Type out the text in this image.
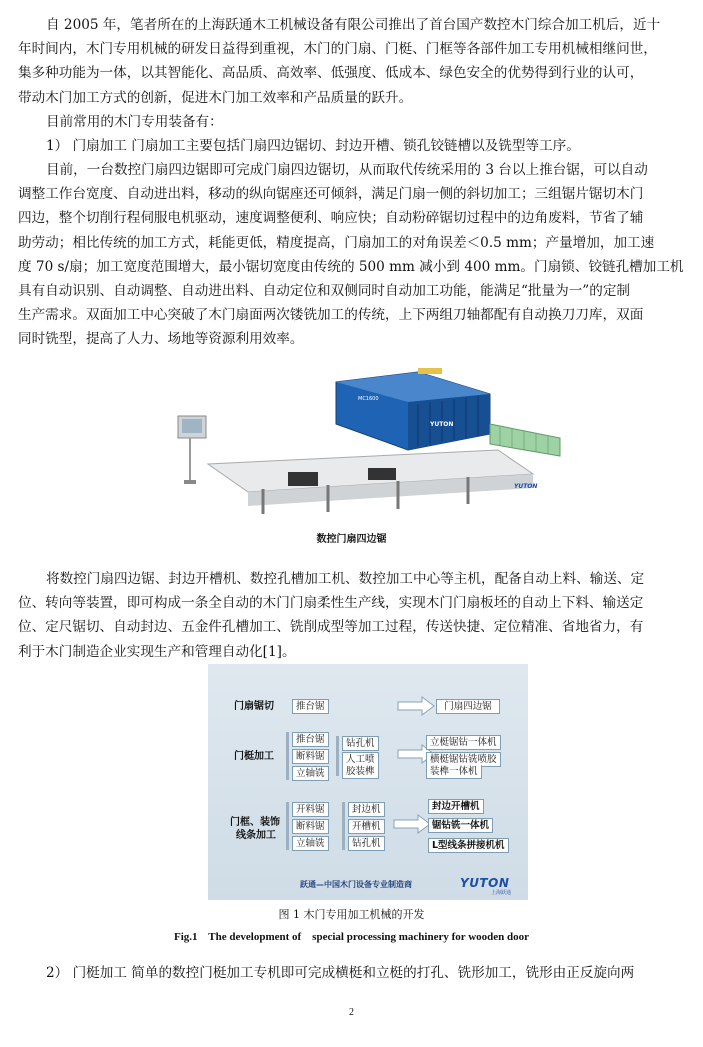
自 2005 年，笔者所在的上海跃通木工机械设备有限公司推出了首台国产数控木门综合加工机后，近十
年时间内，木门专用机械的研发日益得到重视，木门的门扇、门梃、门框等各部件加工专用机械相继问世，
集多种功能为一体，以其智能化、高品质、高效率、低强度、低成本、绿色安全的优势得到行业的认可，
带动木门加工方式的创新，促进木门加工效率和产品质量的跃升。
目前常用的木门专用装备有：
1） 门扇加工 门扇加工主要包括门扇四边锯切、封边开槽、锁孔铰链槽以及铣型等工序。
目前，一台数控门扇四边锯即可完成门扇四边锯切，从而取代传统采用的 3 台以上推台锯，可以自动
调整工作台宽度、自动进出料，移动的纵向锯座还可倾斜，满足门扇一侧的斜切加工；三组锯片锯切木门
四边，整个切削行程伺服电机驱动，速度调整便利、响应快；自动粉碎锯切过程中的边角废料，节省了辅
助劳动；相比传统的加工方式，耗能更低，精度提高，门扇加工的对角误差＜0.5 mm；产量增加，加工速
度 70 s/扇；加工宽度范围增大，最小锯切宽度由传统的 500 mm 减小到 400 mm。门扇锁、铰链孔槽加工机
具有自动识别、自动调整、自动进出料、自动定位和双侧同时自动加工功能，能满足“批量为一”的定制
生产需求。双面加工中心突破了木门扇面两次镂铣加工的传统，上下两组刀轴都配有自动换刀刀库，双面
同时铣型，提高了人力、场地等资源利用效率。
MC1600
YUTON
YUTON
数控门扇四边锯
将数控门扇四边锯、封边开槽机、数控孔槽加工机、数控加工中心等主机，配备自动上料、输送、定
位、转向等装置，即可构成一条全自动的木门门扇柔性生产线，实现木门门扇板坯的自动上下料、输送定
位、定尺锯切、自动封边、五金件孔槽加工、铣削成型等加工过程，传送快捷、定位精准、省地省力，有
利于木门制造企业实现生产和管理自动化[1]。
门扇锯切	推台锯	门扇四边锯
门梃加工
推台锯
断料锯
立轴铣
钻孔机
人工喷
胶装榫
立梃锯钻一体机
横梃锯钻铣喷胶
装榫一体机
门框、装饰
线条加工
开料锯
断料锯
立轴铣
封边机
开槽机
钻孔机
封边开槽机
锯钻铣一体机
L型线条拼接机机
跃通—中国木门设备专业制造商	YUTON
上海跃通
图 1 木门专用加工机械的开发
Fig.1    The development of    special processing machinery for wooden door
2） 门梃加工 简单的数控门梃加工专机即可完成横梃和立梃的打孔、铣形加工，铣形由正反旋向两
2
